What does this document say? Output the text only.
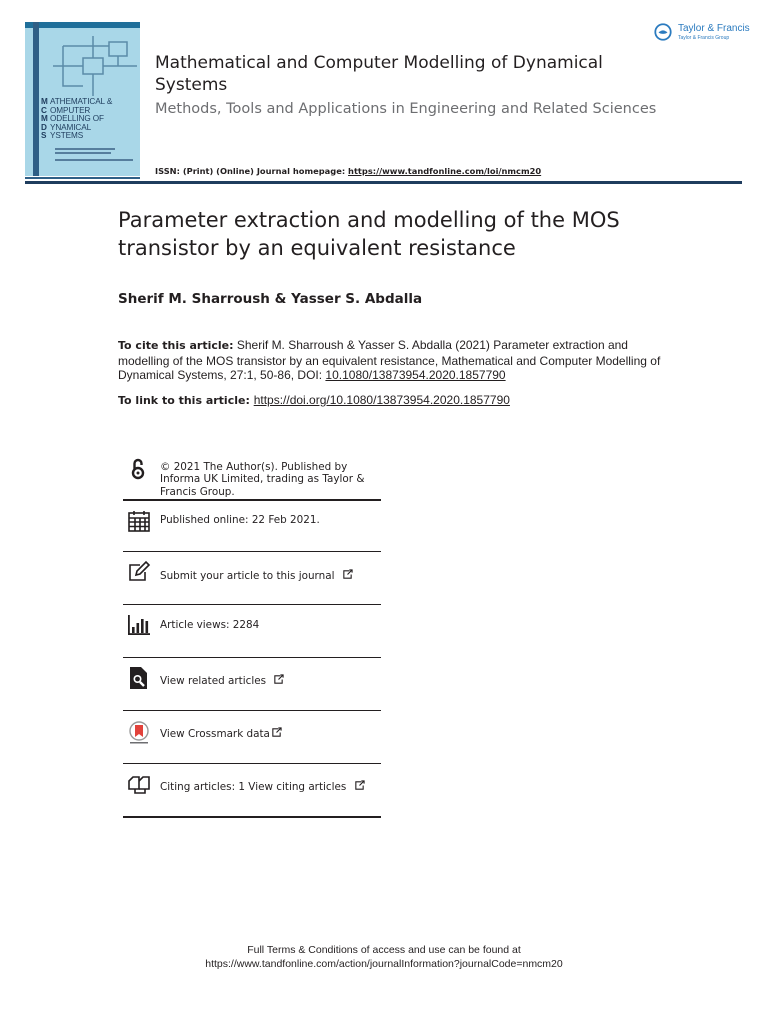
M ATHEMATICAL &
C OMPUTER
M ODELLING OF
D YNAMICAL
S YSTEMS
Mathematical and Computer Modelling of Dynamical Systems
Methods, Tools and Applications in Engineering and Related Sciences
ISSN: (Print) (Online) Journal homepage: https://www.tandfonline.com/loi/nmcm20
Taylor & Francis
Taylor & Francis Group
Parameter extraction and modelling of the MOS transistor by an equivalent resistance
Sherif M. Sharroush & Yasser S. Abdalla
To cite this article: Sherif M. Sharroush & Yasser S. Abdalla (2021) Parameter extraction and modelling of the MOS transistor by an equivalent resistance, Mathematical and Computer Modelling of Dynamical Systems, 27:1, 50-86, DOI: 10.1080/13873954.2020.1857790
To link to this article: https://doi.org/10.1080/13873954.2020.1857790
© 2021 The Author(s). Published by Informa UK Limited, trading as Taylor & Francis Group.
Published online: 22 Feb 2021.
Submit your article to this journal
Article views: 2284
View related articles
View Crossmark data
Citing articles: 1 View citing articles
Full Terms & Conditions of access and use can be found at
https://www.tandfonline.com/action/journalInformation?journalCode=nmcm20
